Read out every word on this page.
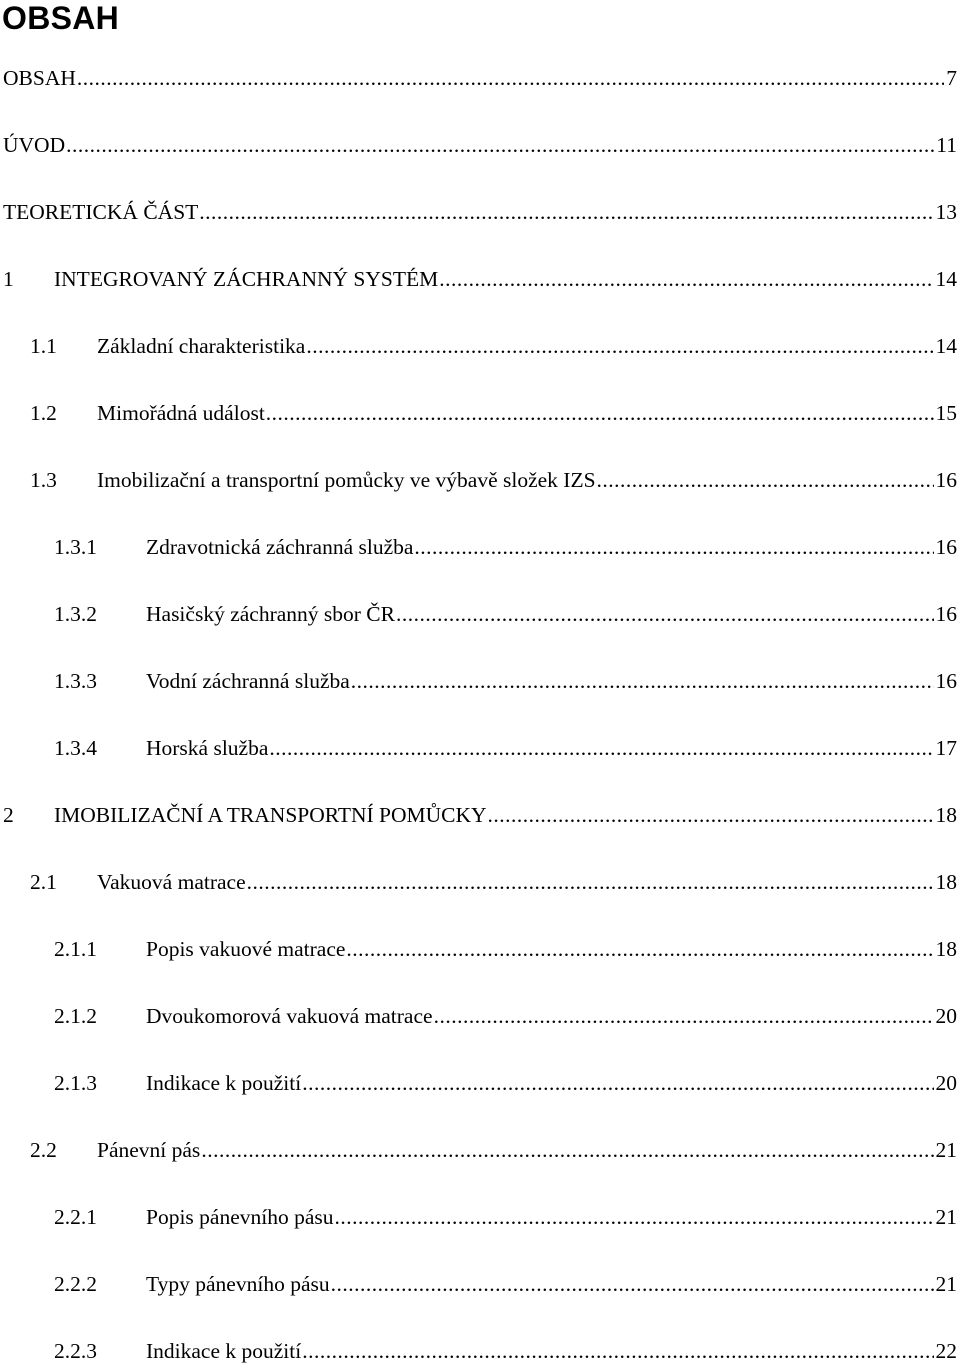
OBSAH
OBSAH .....	7
ÚVOD .....	11
TEORETICKÁ ČÁST .....	13
1	INTEGROVANÝ ZÁCHRANNÝ SYSTÉM .....	14
1.1	Základní charakteristika .....	14
1.2	Mimořádná událost .....	15
1.3	Imobilizační a transportní pomůcky ve výbavě složek IZS .....	16
1.3.1	Zdravotnická záchranná služba .....	16
1.3.2	Hasičský záchranný sbor ČR .....	16
1.3.3	Vodní záchranná služba .....	16
1.3.4	Horská služba .....	17
2	IMOBILIZAČNÍ A TRANSPORTNÍ POMŮCKY .....	18
2.1	Vakuová matrace .....	18
2.1.1	Popis vakuové matrace .....	18
2.1.2	Dvoukomorová vakuová matrace .....	20
2.1.3	Indikace k použití .....	20
2.2	Pánevní pás .....	21
2.2.1	Popis pánevního pásu .....	21
2.2.2	Typy pánevního pásu .....	21
2.2.3	Indikace k použití .....	22
